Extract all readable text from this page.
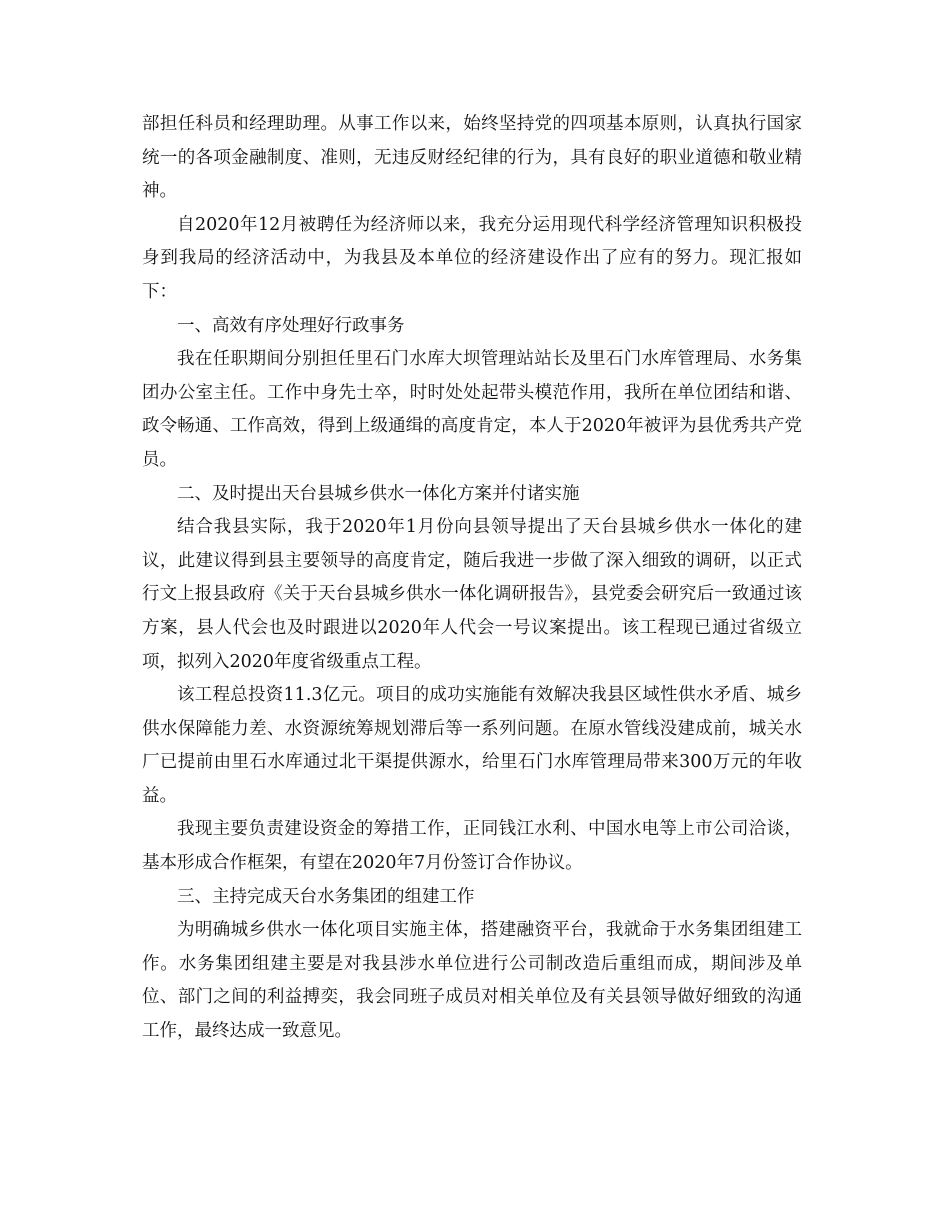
部担任科员和经理助理。从事工作以来，始终坚持党的四项基本原则，认真执行国家统一的各项金融制度、准则，无违反财经纪律的行为，具有良好的职业道德和敬业精神。

自2020年12月被聘任为经济师以来，我充分运用现代科学经济管理知识积极投身到我局的经济活动中，为我县及本单位的经济建设作出了应有的努力。现汇报如下：

一、高效有序处理好行政事务

我在任职期间分别担任里石门水库大坝管理站站长及里石门水库管理局、水务集团办公室主任。工作中身先士卒，时时处处起带头模范作用，我所在单位团结和谐、政令畅通、工作高效，得到上级通缉的高度肯定，本人于2020年被评为县优秀共产党员。

二、及时提出天台县城乡供水一体化方案并付诸实施

结合我县实际，我于2020年1月份向县领导提出了天台县城乡供水一体化的建议，此建议得到县主要领导的高度肯定，随后我进一步做了深入细致的调研，以正式行文上报县政府《关于天台县城乡供水一体化调研报告》，县党委会研究后一致通过该方案，县人代会也及时跟进以2020年人代会一号议案提出。该工程现已通过省级立项，拟列入2020年度省级重点工程。

该工程总投资11.3亿元。项目的成功实施能有效解决我县区域性供水矛盾、城乡供水保障能力差、水资源统筹规划滞后等一系列问题。在原水管线没建成前，城关水厂已提前由里石水库通过北干渠提供源水，给里石门水库管理局带来300万元的年收益。

我现主要负责建设资金的筹措工作，正同钱江水利、中国水电等上市公司洽谈，基本形成合作框架，有望在2020年7月份签订合作协议。

三、主持完成天台水务集团的组建工作

为明确城乡供水一体化项目实施主体，搭建融资平台，我就命于水务集团组建工作。水务集团组建主要是对我县涉水单位进行公司制改造后重组而成，期间涉及单位、部门之间的利益搏奕，我会同班子成员对相关单位及有关县领导做好细致的沟通工作，最终达成一致意见。
